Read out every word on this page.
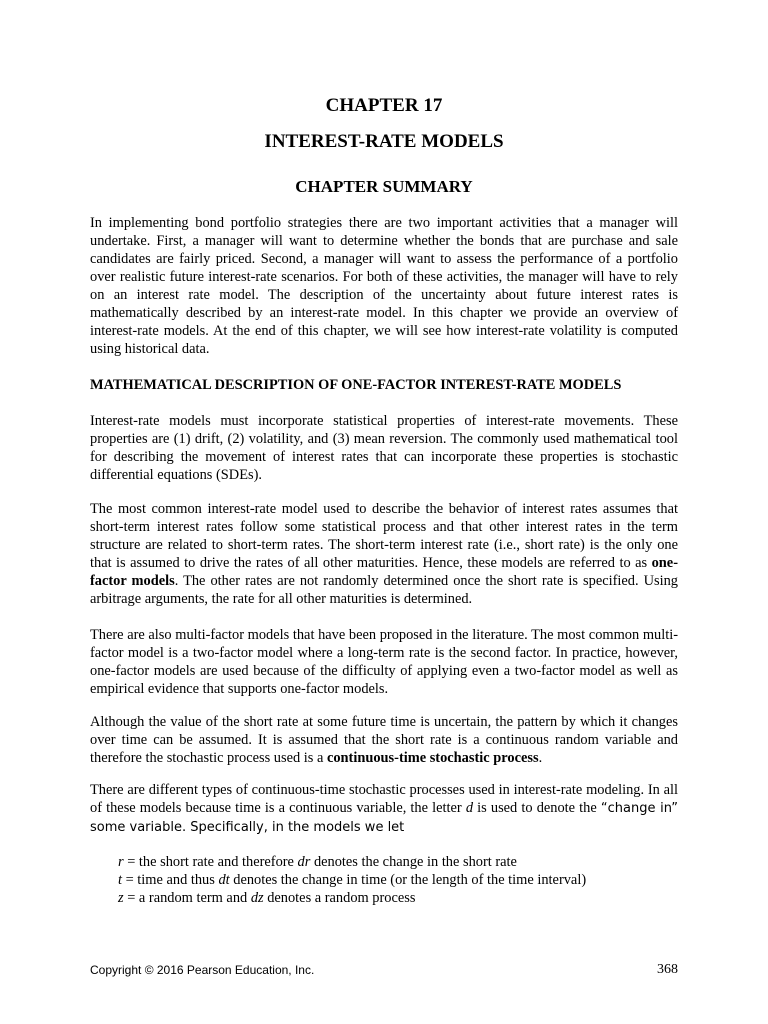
CHAPTER 17
INTEREST-RATE MODELS
CHAPTER SUMMARY

In implementing bond portfolio strategies there are two important activities that a manager will undertake. First, a manager will want to determine whether the bonds that are purchase and sale candidates are fairly priced. Second, a manager will want to assess the performance of a portfolio over realistic future interest-rate scenarios. For both of these activities, the manager will have to rely on an interest rate model. The description of the uncertainty about future interest rates is mathematically described by an interest-rate model. In this chapter we provide an overview of interest-rate models. At the end of this chapter, we will see how interest-rate volatility is computed using historical data.

MATHEMATICAL DESCRIPTION OF ONE-FACTOR INTEREST-RATE MODELS

Interest-rate models must incorporate statistical properties of interest-rate movements. These properties are (1) drift, (2) volatility, and (3) mean reversion. The commonly used mathematical tool for describing the movement of interest rates that can incorporate these properties is stochastic differential equations (SDEs).

The most common interest-rate model used to describe the behavior of interest rates assumes that short-term interest rates follow some statistical process and that other interest rates in the term structure are related to short-term rates. The short-term interest rate (i.e., short rate) is the only one that is assumed to drive the rates of all other maturities. Hence, these models are referred to as one-factor models. The other rates are not randomly determined once the short rate is specified. Using arbitrage arguments, the rate for all other maturities is determined.

There are also multi-factor models that have been proposed in the literature. The most common multi-factor model is a two-factor model where a long-term rate is the second factor. In practice, however, one-factor models are used because of the difficulty of applying even a two-factor model as well as empirical evidence that supports one-factor models.

Although the value of the short rate at some future time is uncertain, the pattern by which it changes over time can be assumed. It is assumed that the short rate is a continuous random variable and therefore the stochastic process used is a continuous-time stochastic process.

There are different types of continuous-time stochastic processes used in interest-rate modeling. In all of these models because time is a continuous variable, the letter d is used to denote the “change in” some variable. Specifically, in the models we let

r = the short rate and therefore dr denotes the change in the short rate

t = time and thus dt denotes the change in time (or the length of the time interval)

z = a random term and dz denotes a random process

Copyright © 2016 Pearson Education, Inc.	368
